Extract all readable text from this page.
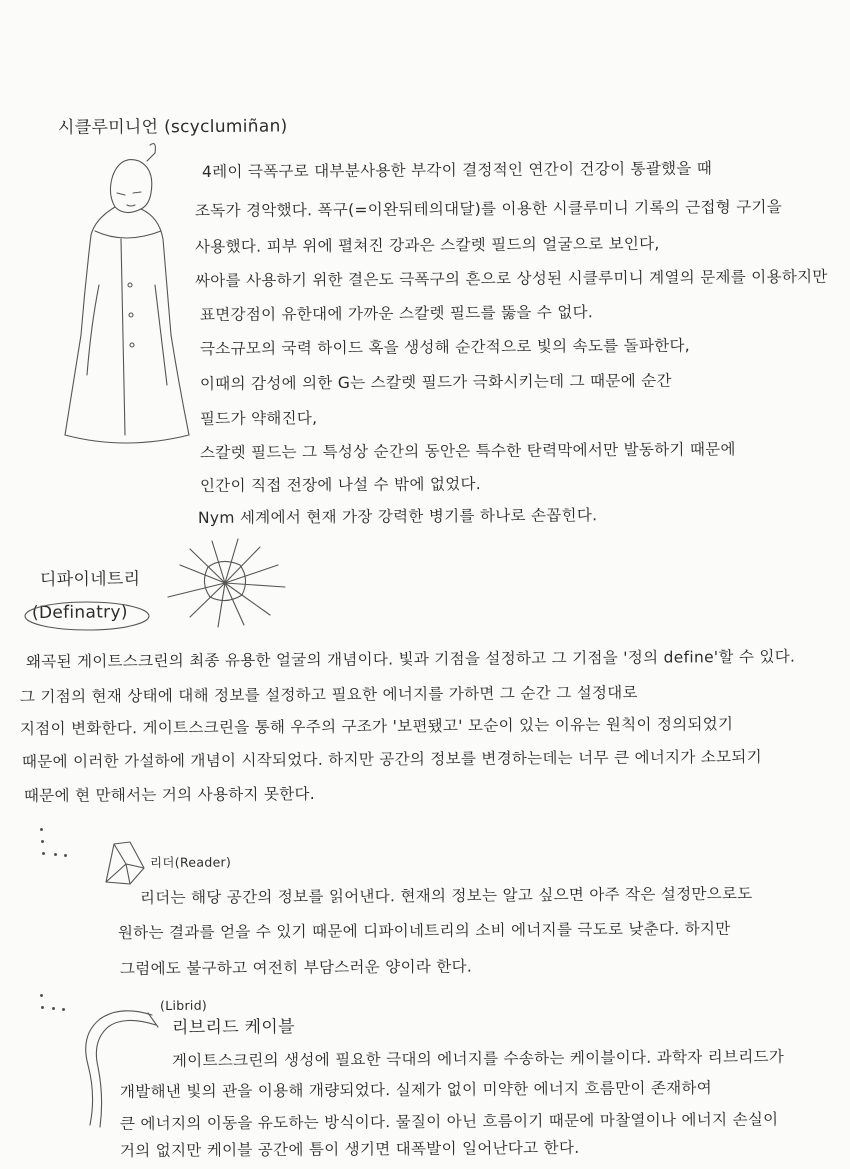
시클루미니언 (scyclumiñan)
4레이 극폭구로 대부분사용한 부각이 결정적인 연간이 건강이 통괄했을 때
조독가 경악했다. 폭구(=이완뒤테의대달)를 이용한 시클루미니 기록의 근접형 구기을
사용했다. 피부 위에 펼쳐진 강과은 스칼렛 필드의 얼굴으로 보인다,
싸아를 사용하기 위한 결은도 극폭구의 흔으로 상성된 시클루미니 계열의 문제를 이용하지만
표면강점이 유한대에 가까운 스칼렛 필드를 뚫을 수 없다.
극소규모의 국력 하이드 혹을 생성해 순간적으로 빛의 속도를 돌파한다,
이때의 감성에 의한 G는 스칼렛 필드가 극화시키는데 그 때문에 순간
필드가 약해진다,
스칼렛 필드는 그 특성상 순간의 동안은 특수한 탄력막에서만 발동하기 때문에
인간이 직접 전장에 나설 수 밖에 없었다.
Nym 세계에서 현재 가장 강력한 병기를 하나로 손꼽힌다.
디파이네트리
(Definatry)
왜곡된 게이트스크린의 최종 유용한 얼굴의 개념이다. 빛과 기점을 설정하고 그 기점을 '정의 define'할 수 있다.
그 기점의 현재 상태에 대해 정보를 설정하고 필요한 에너지를 가하면 그 순간 그 설정대로
지점이 변화한다. 게이트스크린을 통해 우주의 구조가 '보편됐고' 모순이 있는 이유는 원칙이 정의되었기
때문에 이러한 가설하에 개념이 시작되었다. 하지만 공간의 정보를 변경하는데는 너무 큰 에너지가 소모되기
때문에 현 만해서는 거의 사용하지 못한다.
리더(Reader)
리더는 해당 공간의 정보를 읽어낸다. 현재의 정보는 알고 싶으면 아주 작은 설정만으로도
원하는 결과를 얻을 수 있기 때문에 디파이네트리의 소비 에너지를 극도로 낮춘다. 하지만
그럼에도 불구하고 여전히 부담스러운 양이라 한다.
(Librid)
리브리드 케이블
게이트스크린의 생성에 필요한 극대의 에너지를 수송하는 케이블이다. 과학자 리브리드가
개발해낸 빛의 관을 이용해 개량되었다. 실제가 없이 미약한 에너지 흐름만이 존재하여
큰 에너지의 이동을 유도하는 방식이다. 물질이 아닌 흐름이기 때문에 마찰열이나 에너지 손실이
거의 없지만 케이블 공간에 틈이 생기면 대폭발이 일어난다고 한다.
